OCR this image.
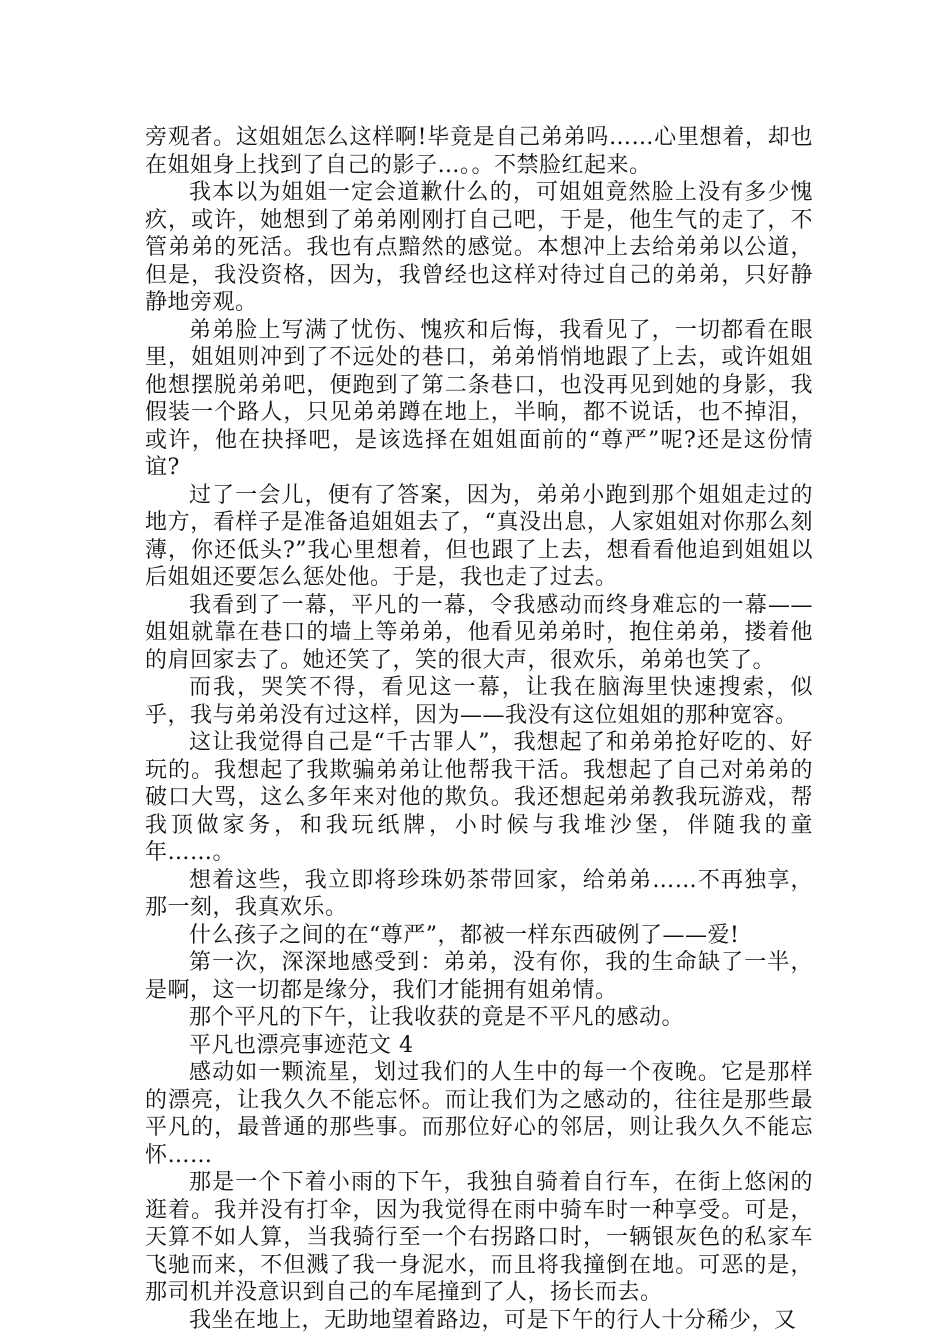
旁观者。这姐姐怎么这样啊!毕竟是自己弟弟吗……心里想着，却也在姐姐身上找到了自己的影子…。。不禁脸红起来。

我本以为姐姐一定会道歉什么的，可姐姐竟然脸上没有多少愧疚，或许，她想到了弟弟刚刚打自己吧，于是，他生气的走了，不管弟弟的死活。我也有点黯然的感觉。本想冲上去给弟弟以公道，但是，我没资格，因为，我曾经也这样对待过自己的弟弟，只好静静地旁观。

弟弟脸上写满了忧伤、愧疚和后悔，我看见了，一切都看在眼里，姐姐则冲到了不远处的巷口，弟弟悄悄地跟了上去，或许姐姐他想摆脱弟弟吧，便跑到了第二条巷口，也没再见到她的身影，我假装一个路人，只见弟弟蹲在地上，半晌，都不说话，也不掉泪，或许，他在抉择吧，是该选择在姐姐面前的“尊严”呢?还是这份情谊?

过了一会儿，便有了答案，因为，弟弟小跑到那个姐姐走过的地方，看样子是准备追姐姐去了，“真没出息，人家姐姐对你那么刻薄，你还低头?”我心里想着，但也跟了上去，想看看他追到姐姐以后姐姐还要怎么惩处他。于是，我也走了过去。

我看到了一幕，平凡的一幕，令我感动而终身难忘的一幕——姐姐就靠在巷口的墙上等弟弟，他看见弟弟时，抱住弟弟，搂着他的肩回家去了。她还笑了，笑的很大声，很欢乐，弟弟也笑了。

而我，哭笑不得，看见这一幕，让我在脑海里快速搜索，似乎，我与弟弟没有过这样，因为——我没有这位姐姐的那种宽容。

这让我觉得自己是“千古罪人”，我想起了和弟弟抢好吃的、好玩的。我想起了我欺骗弟弟让他帮我干活。我想起了自己对弟弟的破口大骂，这么多年来对他的欺负。我还想起弟弟教我玩游戏，帮我顶做家务，和我玩纸牌，小时候与我堆沙堡，伴随我的童年……。

想着这些，我立即将珍珠奶茶带回家，给弟弟……不再独享，那一刻，我真欢乐。

什么孩子之间的在“尊严”，都被一样东西破例了——爱!

第一次，深深地感受到：弟弟，没有你，我的生命缺了一半，是啊，这一切都是缘分，我们才能拥有姐弟情。

那个平凡的下午，让我收获的竟是不平凡的感动。

平凡也漂亮事迹范文 4

感动如一颗流星，划过我们的人生中的每一个夜晚。它是那样的漂亮，让我久久不能忘怀。而让我们为之感动的，往往是那些最平凡的，最普通的那些事。而那位好心的邻居，则让我久久不能忘怀……

那是一个下着小雨的下午，我独自骑着自行车，在街上悠闲的逛着。我并没有打伞，因为我觉得在雨中骑车时一种享受。可是，天算不如人算，当我骑行至一个右拐路口时，一辆银灰色的私家车飞驰而来，不但溅了我一身泥水，而且将我撞倒在地。可恶的是，那司机并没意识到自己的车尾撞到了人，扬长而去。

我坐在地上，无助地望着路边，可是下午的行人十分稀少，又
